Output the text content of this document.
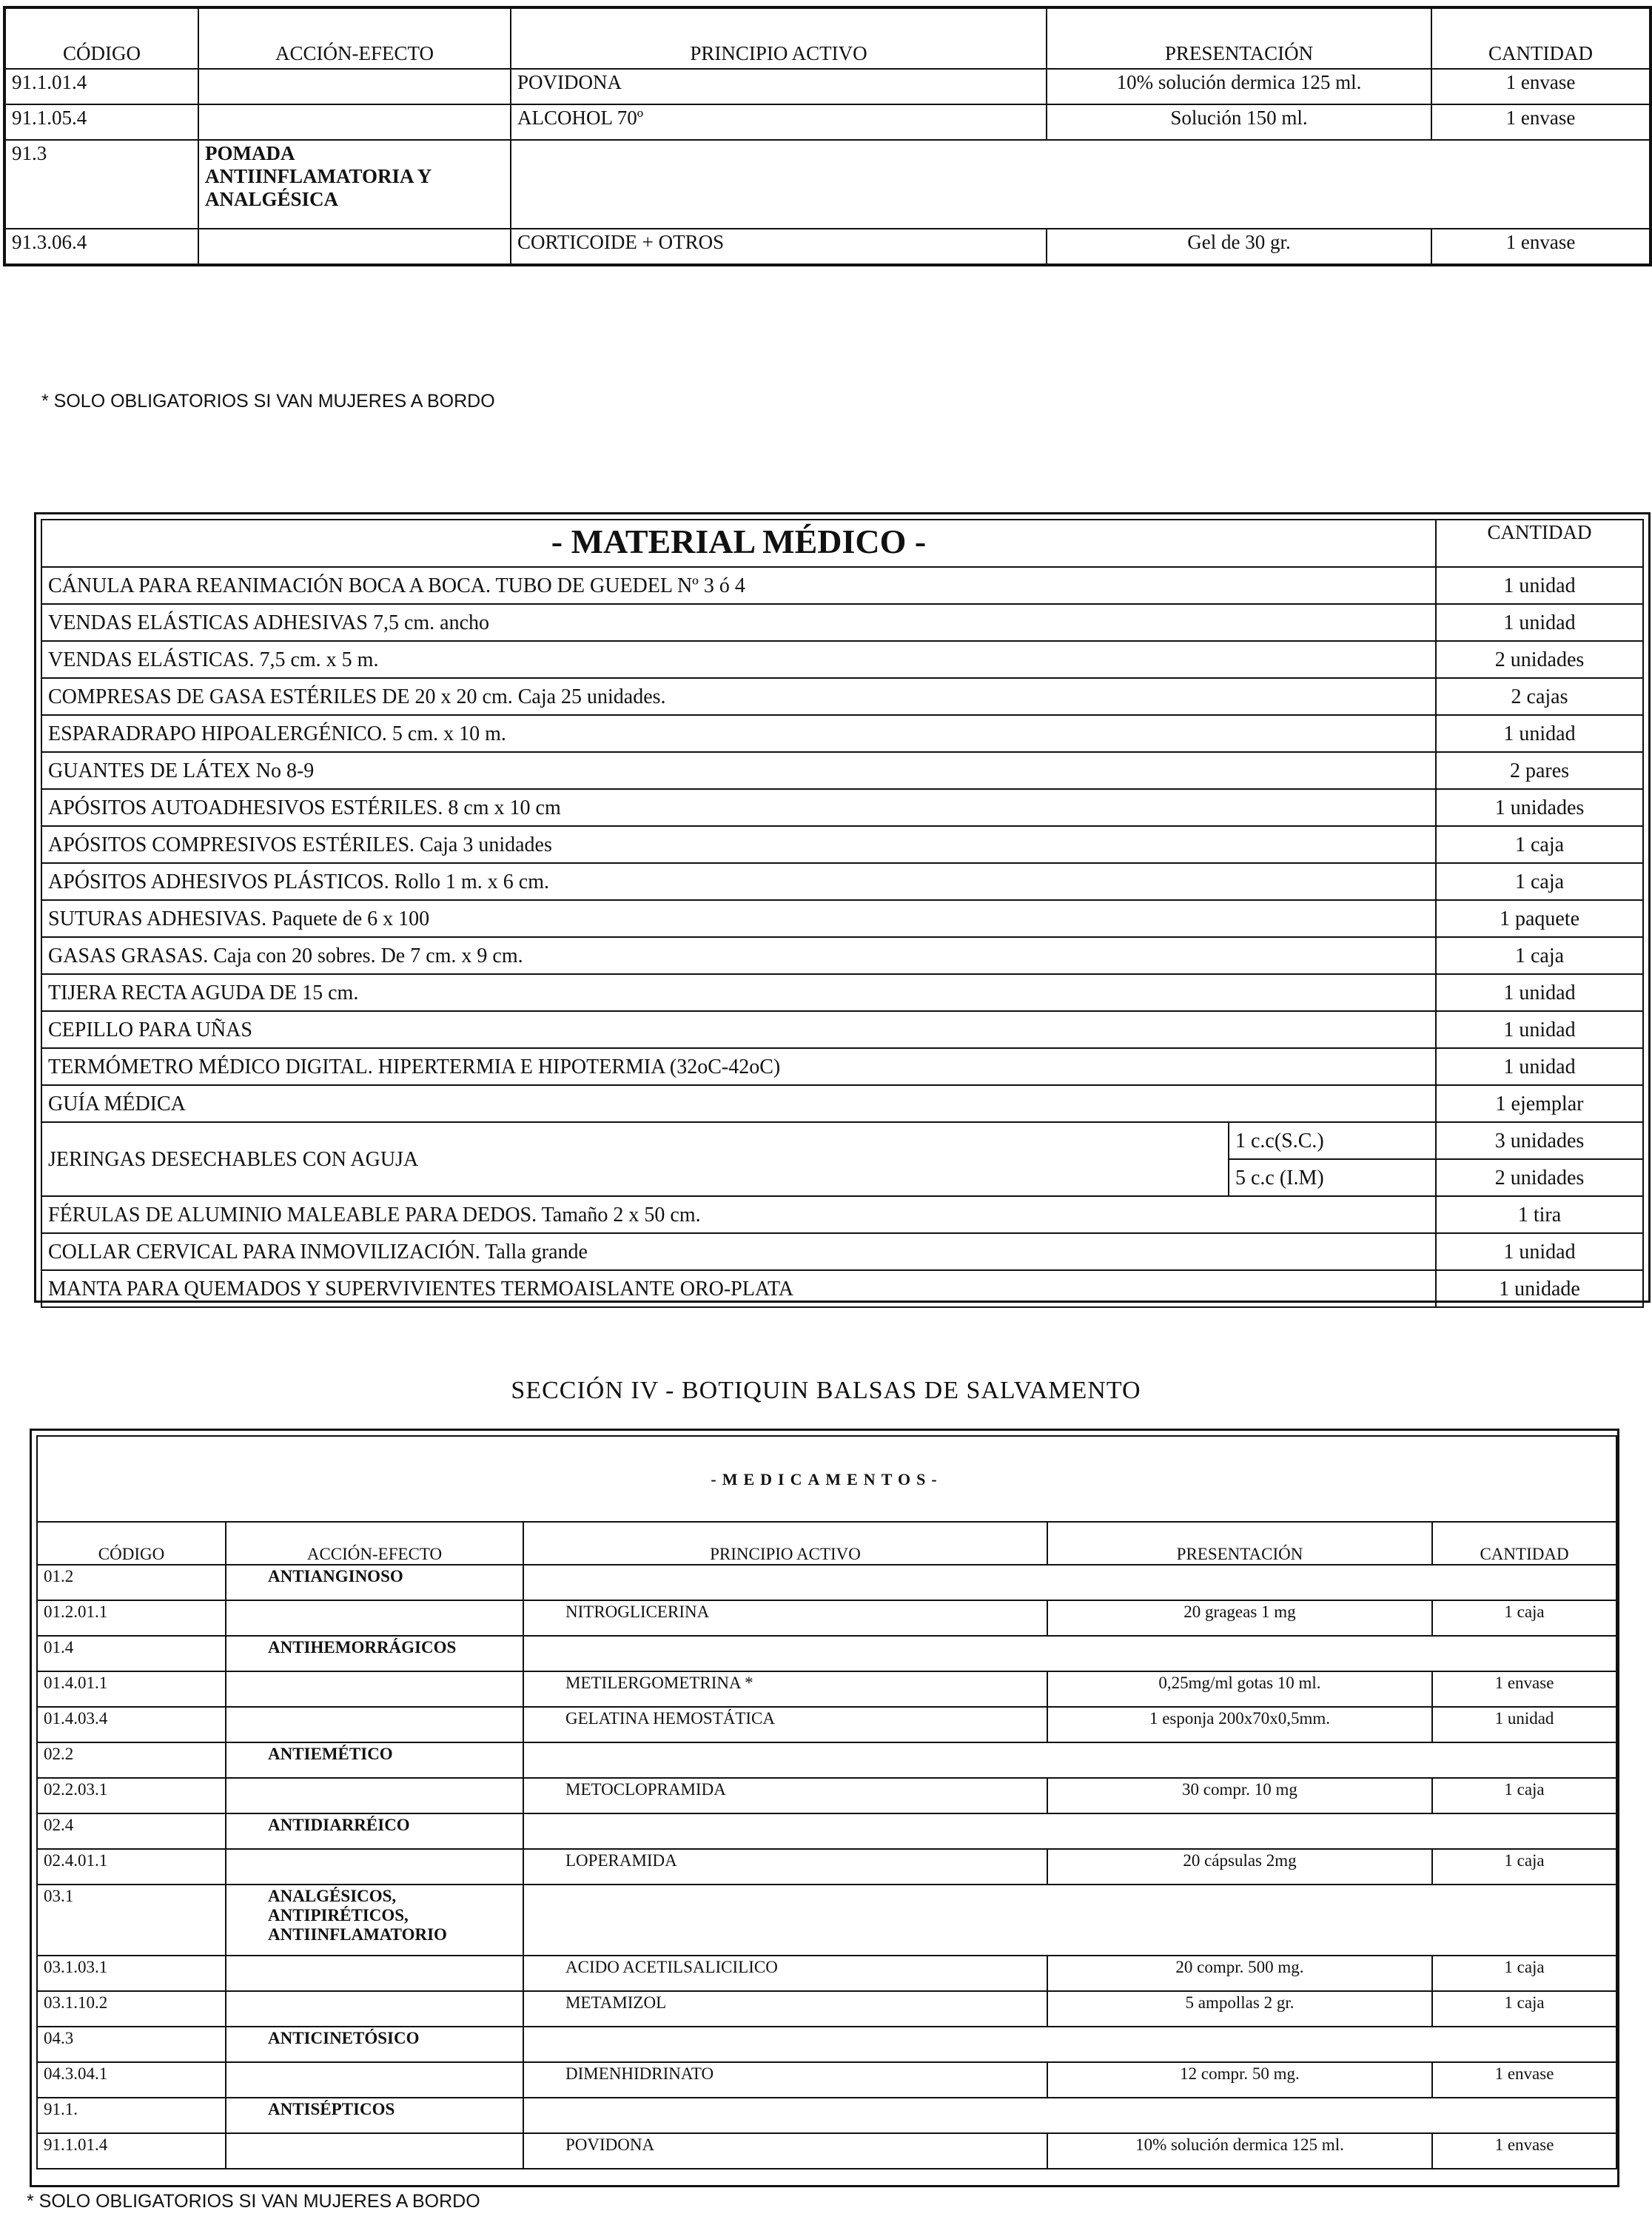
CÓDIGO	ACCIÓN-EFECTO	PRINCIPIO ACTIVO	PRESENTACIÓN	CANTIDAD
91.1.01.4		POVIDONA	10% solución dermica 125 ml.	1 envase
91.1.05.4		ALCOHOL 70º	Solución 150 ml.	1 envase
91.3	POMADA ANTIINFLAMATORIA Y ANALGÉSICA			
91.3.06.4		CORTICOIDE + OTROS	Gel de 30 gr.	1 envase
* SOLO OBLIGATORIOS SI VAN MUJERES A BORDO
- MATERIAL MÉDICO -		CANTIDAD
CÁNULA PARA REANIMACIÓN BOCA A BOCA. TUBO DE GUEDEL Nº 3 ó 4		1 unidad
VENDAS ELÁSTICAS ADHESIVAS 7,5 cm. ancho		1 unidad
VENDAS ELÁSTICAS. 7,5 cm. x 5 m.		2 unidades
COMPRESAS DE GASA ESTÉRILES DE 20 x 20 cm. Caja 25 unidades.		2 cajas
ESPARADRAPO HIPOALERGÉNICO. 5 cm. x 10 m.		1 unidad
GUANTES DE LÁTEX No 8-9		2 pares
APÓSITOS AUTOADHESIVOS ESTÉRILES. 8 cm x 10 cm		1 unidades
APÓSITOS COMPRESIVOS ESTÉRILES. Caja 3 unidades		1 caja
APÓSITOS ADHESIVOS PLÁSTICOS. Rollo 1 m. x 6 cm.		1 caja
SUTURAS ADHESIVAS. Paquete de 6 x 100		1 paquete
GASAS GRASAS. Caja con 20 sobres. De 7 cm. x 9 cm.		1 caja
TIJERA RECTA AGUDA DE 15 cm.		1 unidad
CEPILLO PARA UÑAS		1 unidad
TERMÓMETRO MÉDICO DIGITAL. HIPERTERMIA E HIPOTERMIA (32oC-42oC)		1 unidad
GUÍA MÉDICA		1 ejemplar
JERINGAS DESECHABLES CON AGUJA	1 c.c(S.C.)	3 unidades
	5 c.c (I.M)	2 unidades
FÉRULAS DE ALUMINIO MALEABLE PARA DEDOS. Tamaño 2 x 50 cm.		1 tira
COLLAR CERVICAL PARA INMOVILIZACIÓN. Talla grande		1 unidad
MANTA PARA QUEMADOS Y SUPERVIVIENTES TERMOAISLANTE ORO-PLATA		1 unidade
SECCIÓN IV - BOTIQUIN BALSAS DE SALVAMENTO
-MEDICAMENTOS-				
CÓDIGO	ACCIÓN-EFECTO	PRINCIPIO ACTIVO	PRESENTACIÓN	CANTIDAD
01.2	ANTIANGINOSO			
01.2.01.1		NITROGLICERINA	20 grageas 1 mg	1 caja
01.4	ANTIHEMORRÁGICOS			
01.4.01.1		METILERGOMETRINA *	0,25mg/ml gotas 10 ml.	1 envase
01.4.03.4		GELATINA HEMOSTÁTICA	1 esponja 200x70x0,5mm.	1 unidad
02.2	ANTIEMÉTICO			
02.2.03.1		METOCLOPRAMIDA	30 compr. 10 mg	1 caja
02.4	ANTIDIARRÉICO			
02.4.01.1		LOPERAMIDA	20 cápsulas 2mg	1 caja
03.1	ANALGÉSICOS, ANTIPIRÉTICOS, ANTIINFLAMATORIO			
03.1.03.1		ACIDO ACETILSALICILICO	20 compr. 500 mg.	1 caja
03.1.10.2		METAMIZOL	5 ampollas 2 gr.	1 caja
04.3	ANTICINETÓSICO			
04.3.04.1		DIMENHIDRINATO	12 compr. 50 mg.	1 envase
91.1.	ANTISÉPTICOS			
91.1.01.4		POVIDONA	10% solución dermica 125 ml.	1 envase
* SOLO OBLIGATORIOS SI VAN MUJERES A BORDO
